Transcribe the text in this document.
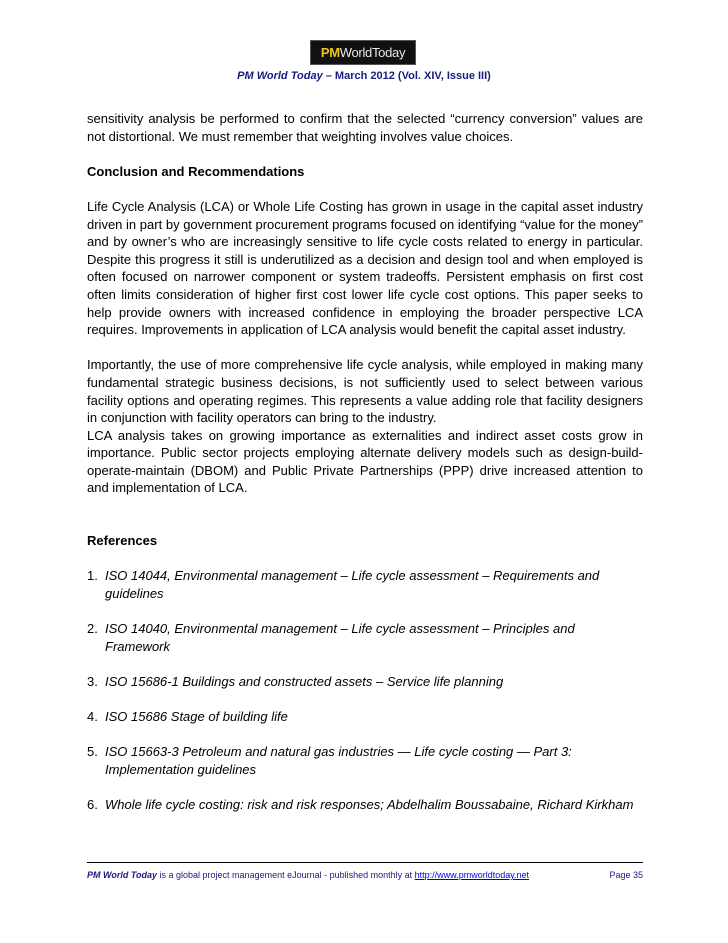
PM WorldToday
PM World Today – March 2012 (Vol. XIV, Issue III)

sensitivity analysis be performed to confirm that the selected “currency conversion” values are not distortional. We must remember that weighting involves value choices.

Conclusion and Recommendations

Life Cycle Analysis (LCA) or Whole Life Costing has grown in usage in the capital asset industry driven in part by government procurement programs focused on identifying “value for the money” and by owner’s who are increasingly sensitive to life cycle costs related to energy in particular. Despite this progress it still is underutilized as a decision and design tool and when employed is often focused on narrower component or system tradeoffs. Persistent emphasis on first cost often limits consideration of higher first cost lower life cycle cost options. This paper seeks to help provide owners with increased confidence in employing the broader perspective LCA requires. Improvements in application of LCA analysis would benefit the capital asset industry.

Importantly, the use of more comprehensive life cycle analysis, while employed in making many fundamental strategic business decisions, is not sufficiently used to select between various facility options and operating regimes. This represents a value adding role that facility designers in conjunction with facility operators can bring to the industry.

LCA analysis takes on growing importance as externalities and indirect asset costs grow in importance. Public sector projects employing alternate delivery models such as design-build-operate-maintain (DBOM) and Public Private Partnerships (PPP) drive increased attention to and implementation of LCA.

References
1. ISO 14044, Environmental management – Life cycle assessment – Requirements and guidelines
2. ISO 14040, Environmental management – Life cycle assessment – Principles and Framework
3. ISO 15686-1 Buildings and constructed assets – Service life planning
4. ISO 15686 Stage of building life
5. ISO 15663-3 Petroleum and natural gas industries — Life cycle costing — Part 3: Implementation guidelines
6. Whole life cycle costing: risk and risk responses; Abdelhalim Boussabaine, Richard Kirkham
PM World Today is a global project management eJournal - published monthly at http://www.pmworldtoday.net	Page 35
